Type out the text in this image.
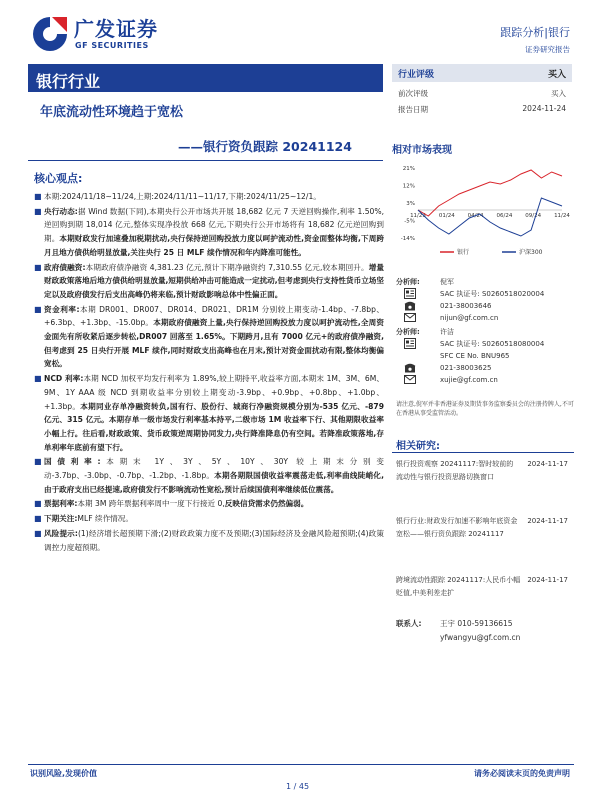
广发证券
GF SECURITIES
跟踪分析|银行
证券研究报告
银行行业
年底流动性环境趋于宽松
——银行资负跟踪 20241124
核心观点:
■ 本期:2024/11/18~11/24,上期:2024/11/11~11/17,下期:2024/11/25~12/1。
■ 央行动态:据 Wind 数据(下同),本期央行公开市场共开展 18,682 亿元 7 天逆回购操作,利率 1.50%,逆回购到期 18,014 亿元,整体实现净投放 668 亿元,下期央行公开市场将有 18,682 亿元逆回购到期。本期财政发行加速叠加税期扰动,央行保持逆回购投放力度以呵护流动性,资金面整体均衡,下周跨月且地方债供给明显放量,关注央行 25 日 MLF 续作情况和年内降准可能性。
■ 政府债融资:本期政府债净融资 4,381.23 亿元,预计下期净融资约 7,310.55 亿元,较本期回升。增量财政政策落地后地方债供给明显放量,短期供给冲击可能造成一定扰动,但考虑到央行支持性货币立场坚定以及政府债发行后支出高峰仍将来临,预计财政影响总体中性偏正面。
■ 资金利率:本期 DR001、DR007、DR014、DR021、DR1M 分别较上期变动-1.4bp、-7.8bp、+6.3bp、+1.3bp、-15.0bp。本期政府债融资上量,央行保持逆回购投放力度以呵护流动性,全周资金面先有所收紧后逐步转松,DR007 回落至 1.65%。下期跨月,且有 7000 亿元+的政府债净融资,但考虑到 25 日央行开展 MLF 续作,同时财政支出高峰也在月末,预计对资金面扰动有限,整体均衡偏宽松。
■ NCD 利率:本期 NCD 加权平均发行利率为 1.89%,较上期持平,收益率方面,本期末 1M、3M、6M、9M、1Y AAA 级 NCD 到期收益率分别较上期变动-3.9bp、+0.9bp、+0.8bp、+1.0bp、+1.3bp。本期同业存单净融资转负,国有行、股份行、城商行净融资规模分别为-535 亿元、-879 亿元、315 亿元。本期存单一级市场发行利率基本持平,二级市场 1M 收益率下行、其他期限收益率小幅上行。往后看,财政政策、货币政策逆周期协同发力,央行降准降息仍有空间。若降准政策落地,存单利率年底前有望下行。
■ 国债利率:本期末 1Y、3Y、5Y、10Y、30Y 较上期末分别变动-3.7bp、-3.0bp、-0.7bp、-1.2bp、-1.8bp。本期各期限国债收益率震荡走低,利率曲线陡峭化,由于政府支出已经提速,政府债发行不影响流动性宽松,预计后续国债利率继续低位震荡。
■ 票据利率:本期 3M 跨年票据利率周中一度下行接近 0,反映信贷需求仍然偏弱。
■ 下期关注:MLF 续作情况。
■ 风险提示:(1)经济增长超预期下滑;(2)财政政策力度不及预期;(3)国际经济及金融风险超预期;(4)政策调控力度超预期。
行业评级	买入
前次评级	买入
报告日期	2024-11-24
相对市场表现
21%
12%
3%
-5%
-14%
11/23 01/24 04/24 06/24 09/24 11/24
银行	沪深300
分析师:	倪军
SAC 执证号: S0260518020004
021-38003646
nijun@gf.com.cn
分析师:	许洁
SAC 执证号: S0260518080004
SFC CE No. BNU965
021-38003625
xujie@gf.com.cn
请注意,倪军并非香港证券及期货事务监察委员会的注册持牌人,不可在香港从事受监管活动。
相关研究:
银行投资观察 20241117:智时较前的流动性与银行投资思路切换窗口
2024-11-17
银行行业:财政发行加速不影响年底资金宽松——银行资负跟踪 20241117
2024-11-17
跨境流动性跟踪 20241117:人民币小幅贬值,中美利差走扩
2024-11-17
联系人: 王宇 010-59136615
yfwangyu@gf.com.cn
识别风险,发现价值	请务必阅读末页的免责声明
1 / 45
